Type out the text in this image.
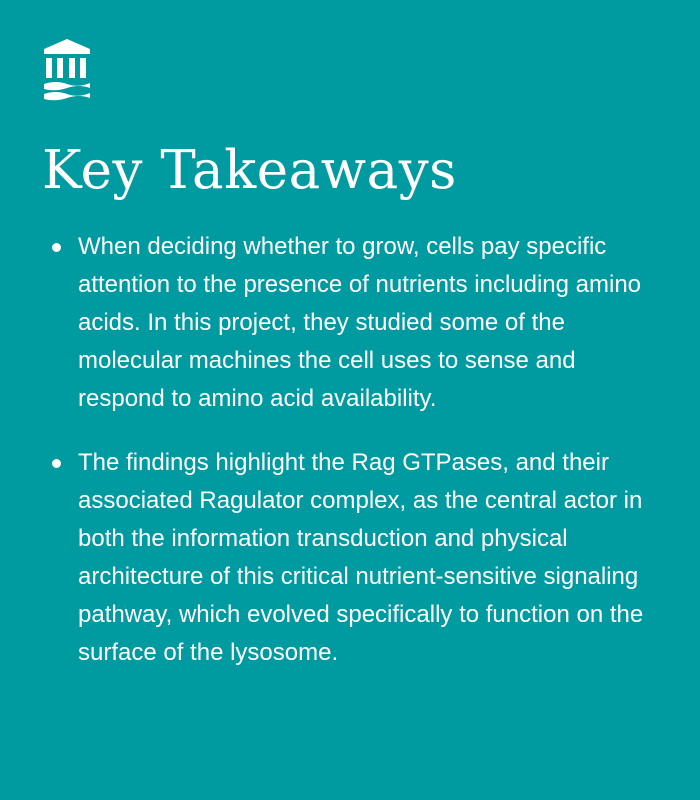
Key Takeaways
When deciding whether to grow, cells pay specific attention to the presence of nutrients including amino acids. In this project, they studied some of the molecular machines the cell uses to sense and respond to amino acid availability.
The findings highlight the Rag GTPases, and their associated Ragulator complex, as the central actor in both the information transduction and physical architecture of this critical nutrient-sensitive signaling pathway, which evolved specifically to function on the surface of the lysosome.
